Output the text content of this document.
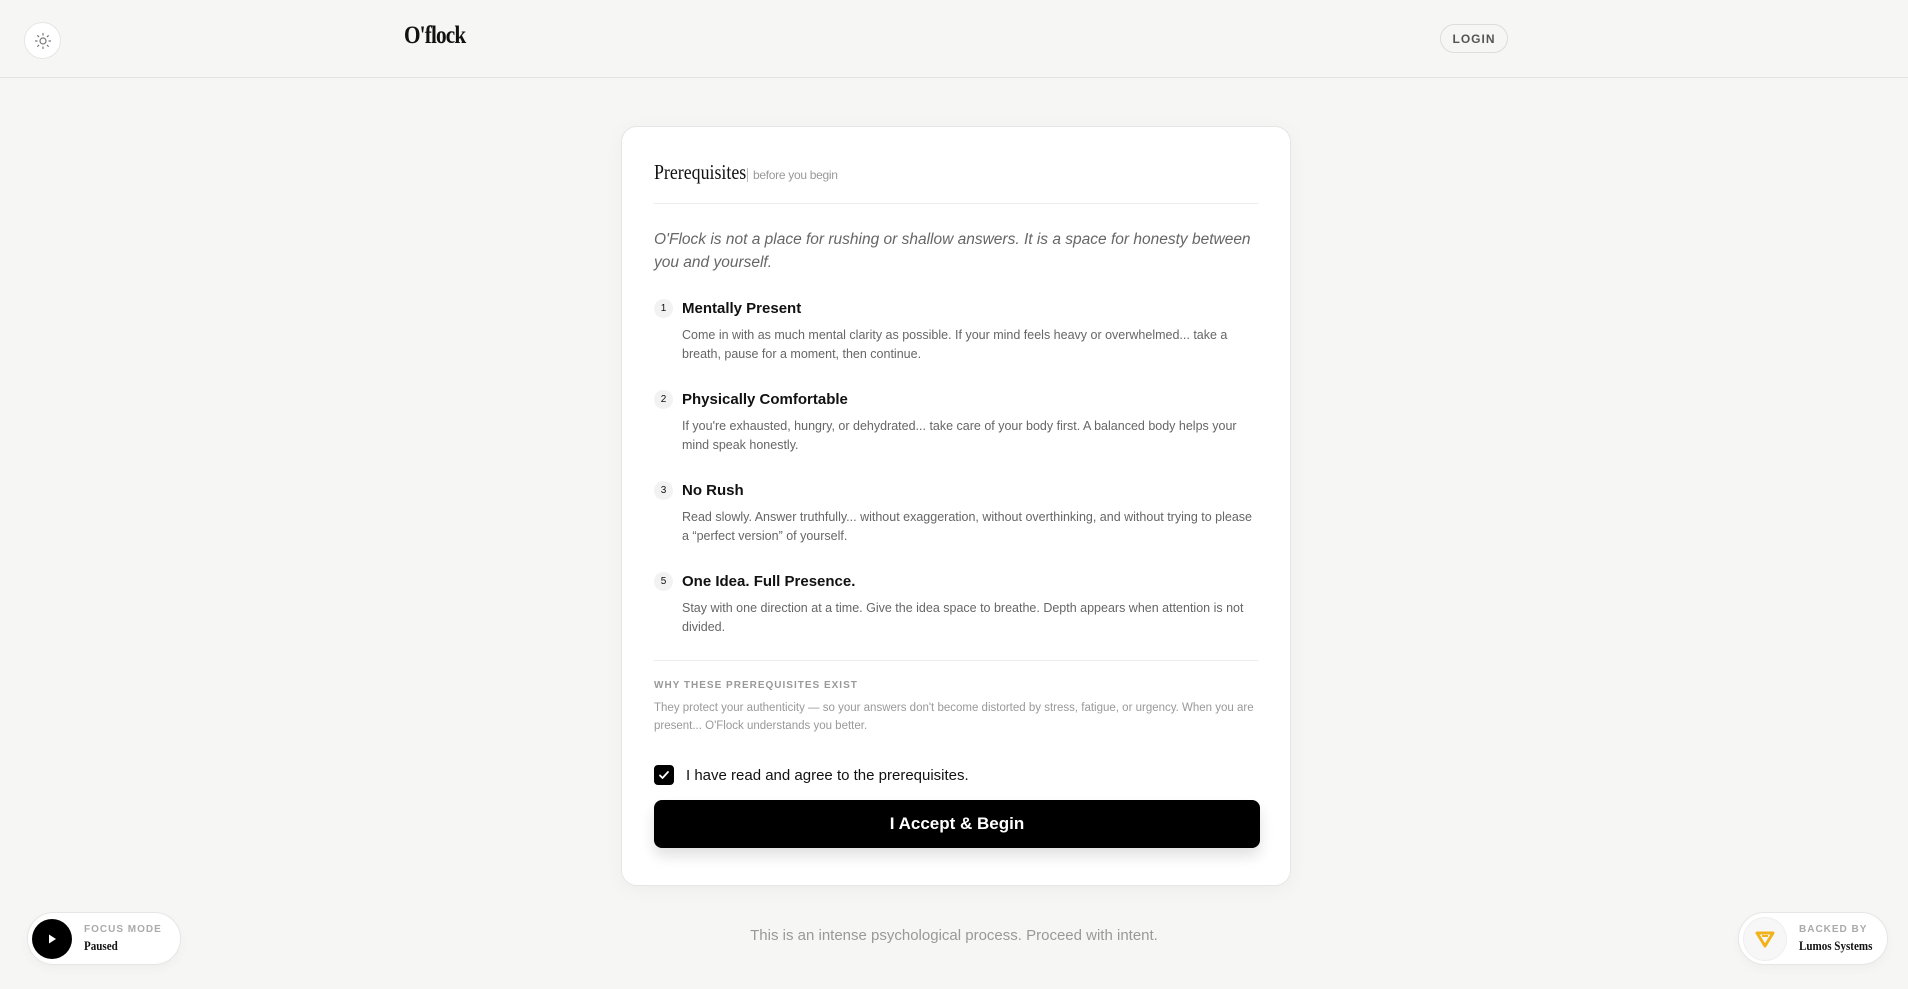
O'flock	LOGIN
Prerequisites before you begin

O'Flock is not a place for rushing or shallow answers. It is a space for honesty between you and yourself.

1	Mentally Present

Come in with as much mental clarity as possible. If your mind feels heavy or overwhelmed... take a breath, pause for a moment, then continue.

2	Physically Comfortable

If you're exhausted, hungry, or dehydrated... take care of your body first. A balanced body helps your mind speak honestly.

3	No Rush

Read slowly. Answer truthfully... without exaggeration, without overthinking, and without trying to please a “perfect version” of yourself.

5	One Idea. Full Presence.

Stay with one direction at a time. Give the idea space to breathe. Depth appears when attention is not divided.

WHY THESE PREREQUISITES EXIST

They protect your authenticity — so your answers don't become distorted by stress, fatigue, or urgency. When you are present... O'Flock understands you better.

I have read and agree to the prerequisites.
I Accept & Begin
This is an intense psychological process. Proceed with intent.
FOCUS MODE
Paused
BACKED BY
Lumos Systems
